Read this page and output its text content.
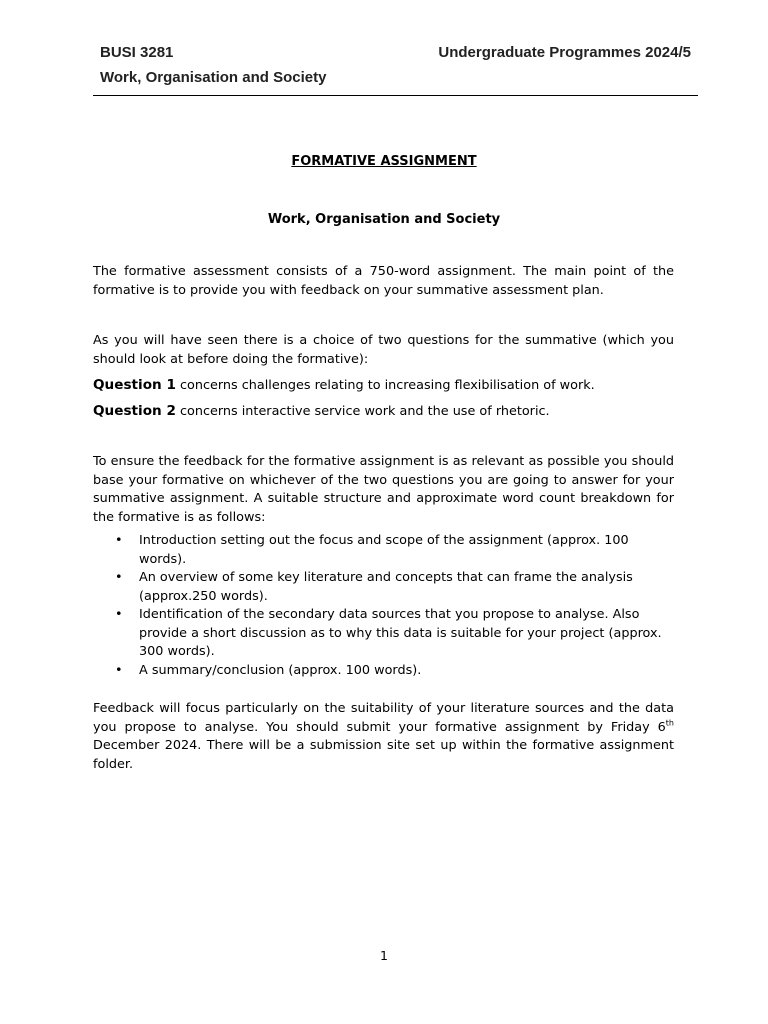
BUSI 3281	Undergraduate Programmes 2024/5
Work, Organisation and Society
FORMATIVE ASSIGNMENT
Work, Organisation and Society
The formative assessment consists of a 750-word assignment. The main point of the formative is to provide you with feedback on your summative assessment plan.
As you will have seen there is a choice of two questions for the summative (which you should look at before doing the formative):
Question 1 concerns challenges relating to increasing flexibilisation of work.
Question 2 concerns interactive service work and the use of rhetoric.
To ensure the feedback for the formative assignment is as relevant as possible you should base your formative on whichever of the two questions you are going to answer for your summative assignment. A suitable structure and approximate word count breakdown for the formative is as follows:
• Introduction setting out the focus and scope of the assignment (approx. 100 words).
• An overview of some key literature and concepts that can frame the analysis (approx.250 words).
• Identification of the secondary data sources that you propose to analyse. Also provide a short discussion as to why this data is suitable for your project (approx. 300 words).
• A summary/conclusion (approx. 100 words).
Feedback will focus particularly on the suitability of your literature sources and the data you propose to analyse. You should submit your formative assignment by Friday 6th December 2024. There will be a submission site set up within the formative assignment folder.
1
